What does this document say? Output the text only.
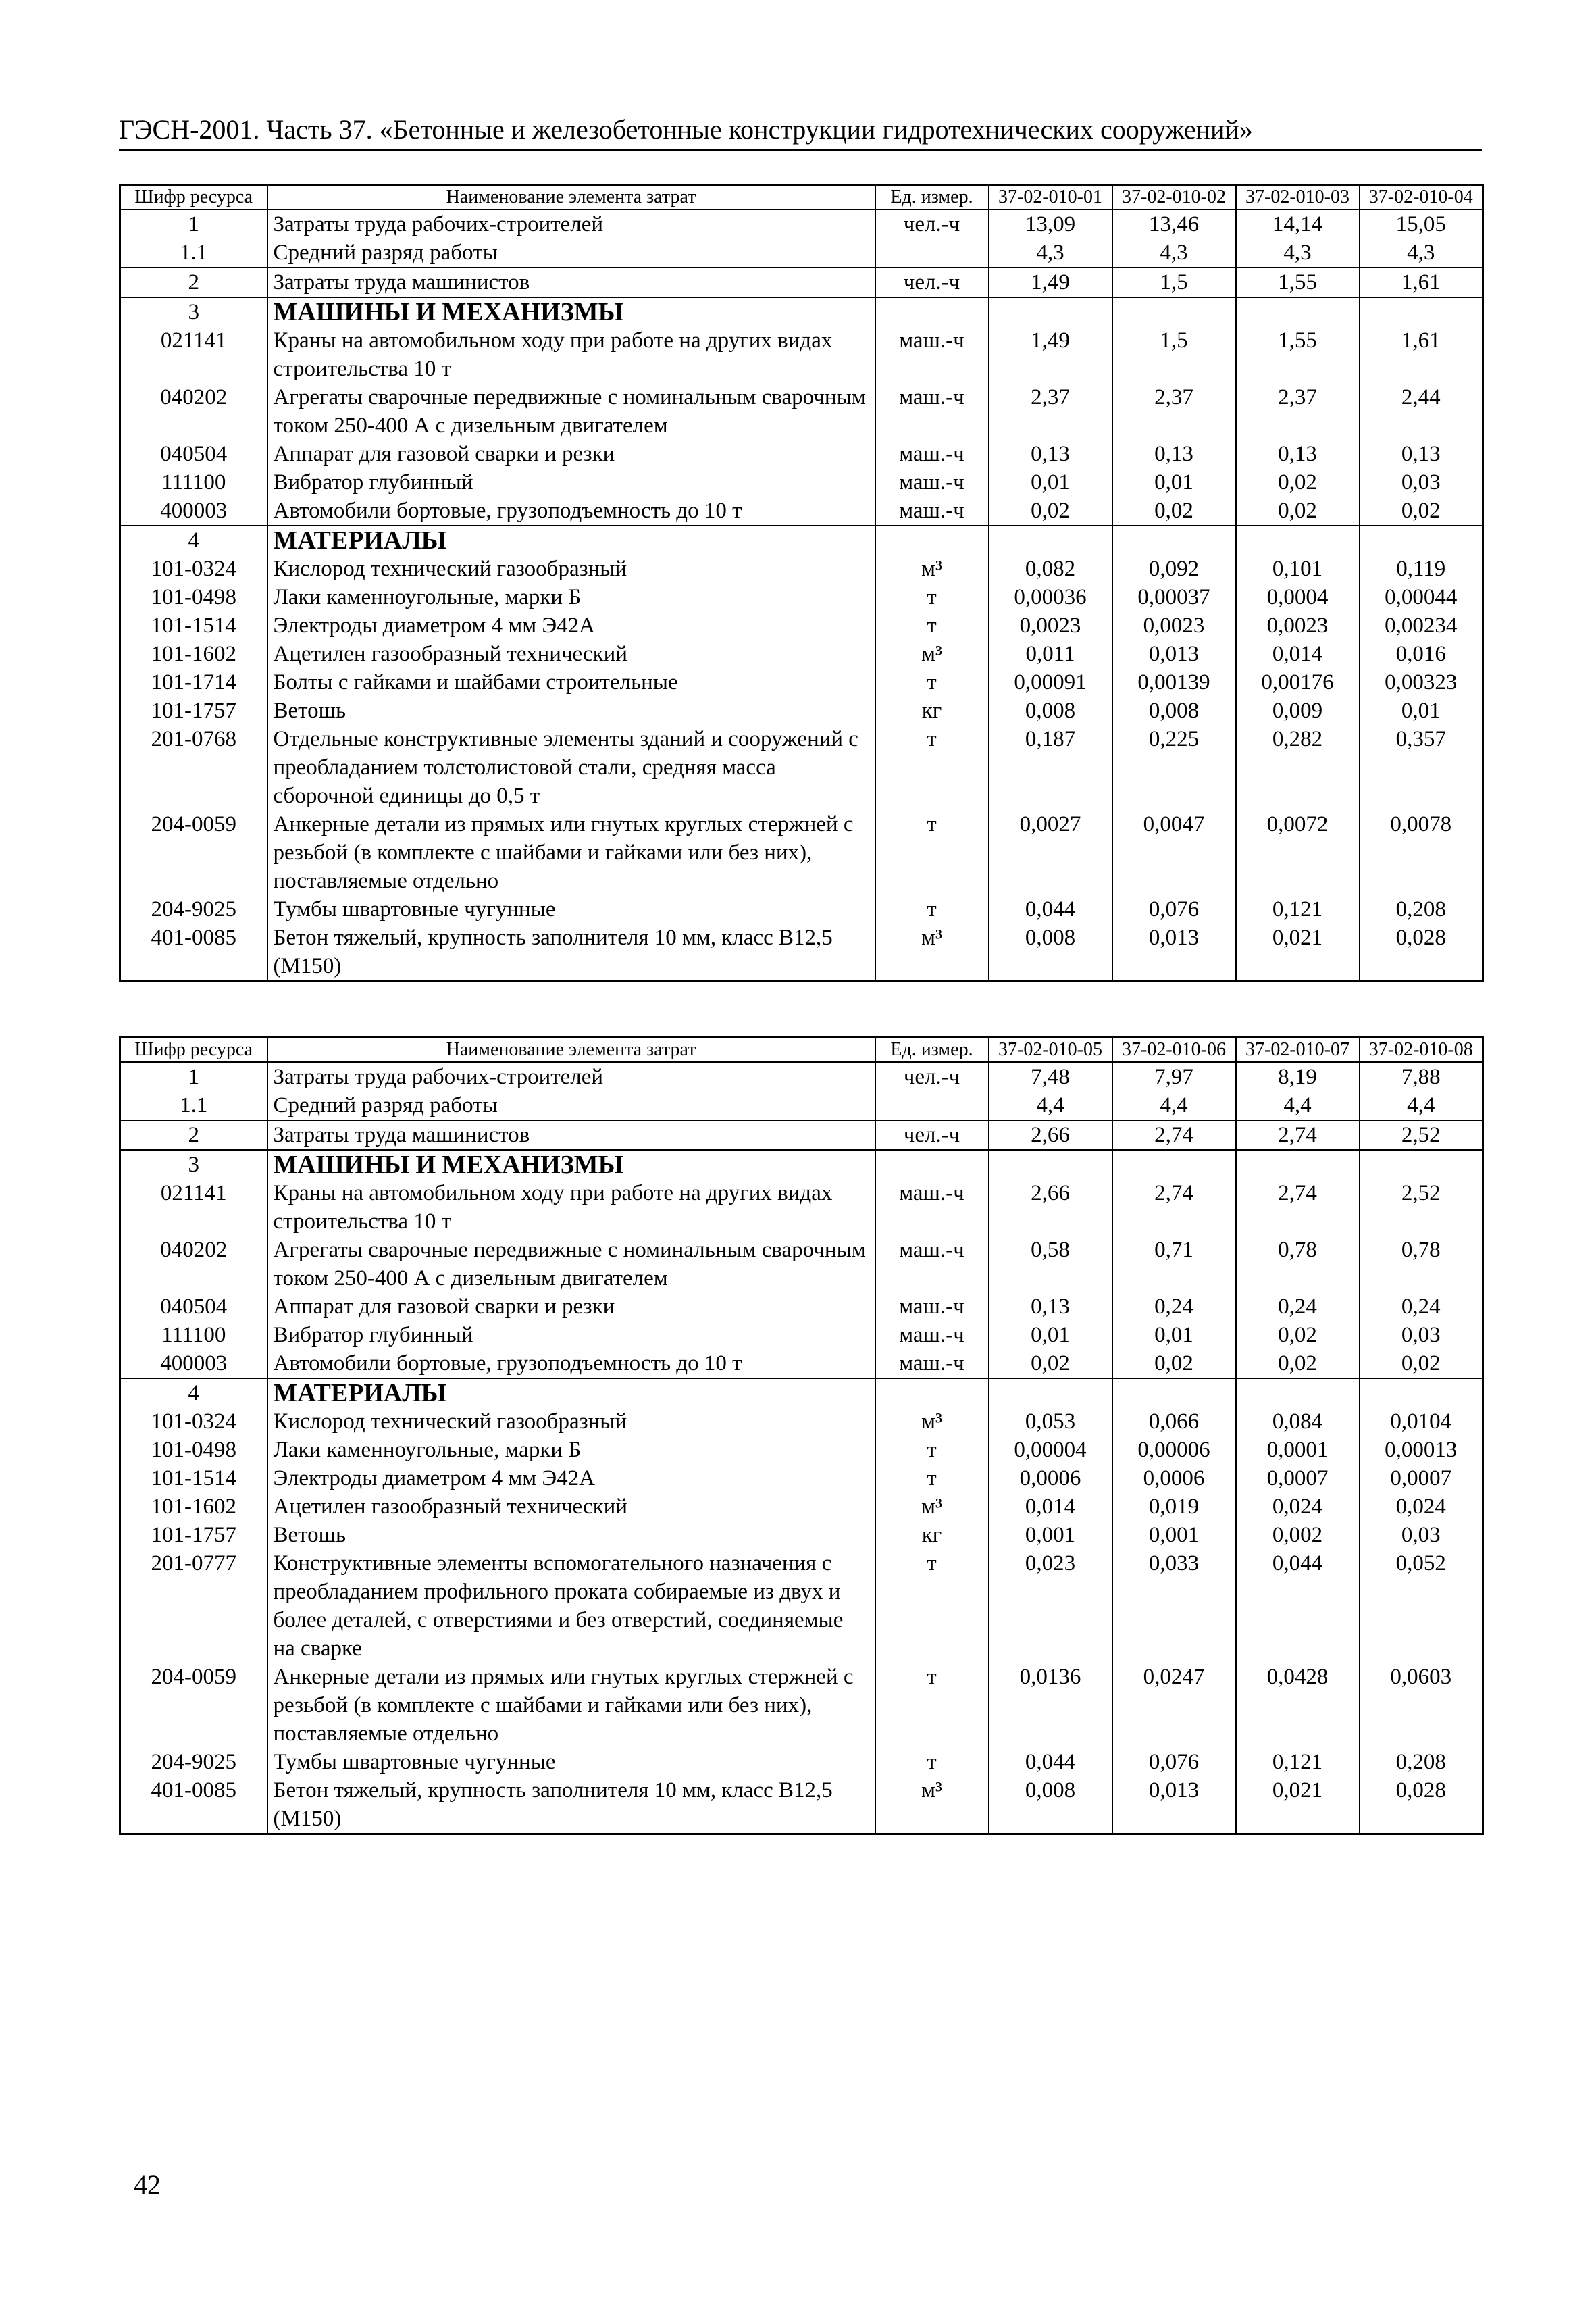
ГЭСН-2001. Часть 37. «Бетонные и железобетонные конструкции гидротехнических сооружений»
Шифр ресурса	Наименование элемента затрат	Ед. измер.	37-02-010-01	37-02-010-02	37-02-010-03	37-02-010-04
1	Затраты труда рабочих-строителей	чел.-ч	13,09	13,46	14,14	15,05
1.1	Средний разряд работы		4,3	4,3	4,3	4,3
2	Затраты труда машинистов	чел.-ч	1,49	1,5	1,55	1,61
3	МАШИНЫ И МЕХАНИЗМЫ					
021141	Краны на автомобильном ходу при работе на других видах строительства 10 т	маш.-ч	1,49	1,5	1,55	1,61
040202	Агрегаты сварочные передвижные с номинальным сварочным током 250-400 А с дизельным двигателем	маш.-ч	2,37	2,37	2,37	2,44
040504	Аппарат для газовой сварки и резки	маш.-ч	0,13	0,13	0,13	0,13
111100	Вибратор глубинный	маш.-ч	0,01	0,01	0,02	0,03
400003	Автомобили бортовые, грузоподъемность до 10 т	маш.-ч	0,02	0,02	0,02	0,02
4	МАТЕРИАЛЫ					
101-0324	Кислород технический газообразный	м³	0,082	0,092	0,101	0,119
101-0498	Лаки каменноугольные, марки Б	т	0,00036	0,00037	0,0004	0,00044
101-1514	Электроды диаметром 4 мм Э42А	т	0,0023	0,0023	0,0023	0,00234
101-1602	Ацетилен газообразный технический	м³	0,011	0,013	0,014	0,016
101-1714	Болты с гайками и шайбами строительные	т	0,00091	0,00139	0,00176	0,00323
101-1757	Ветошь	кг	0,008	0,008	0,009	0,01
201-0768	Отдельные конструктивные элементы зданий и сооружений с преобладанием толстолистовой стали, средняя масса сборочной единицы до 0,5 т	т	0,187	0,225	0,282	0,357
204-0059	Анкерные детали из прямых или гнутых круглых стержней с резьбой (в комплекте с шайбами и гайками или без них), поставляемые отдельно	т	0,0027	0,0047	0,0072	0,0078
204-9025	Тумбы швартовные чугунные	т	0,044	0,076	0,121	0,208
401-0085	Бетон тяжелый, крупность заполнителя 10 мм, класс В12,5 (М150)	м³	0,008	0,013	0,021	0,028
Шифр ресурса	Наименование элемента затрат	Ед. измер.	37-02-010-05	37-02-010-06	37-02-010-07	37-02-010-08
1	Затраты труда рабочих-строителей	чел.-ч	7,48	7,97	8,19	7,88
1.1	Средний разряд работы		4,4	4,4	4,4	4,4
2	Затраты труда машинистов	чел.-ч	2,66	2,74	2,74	2,52
3	МАШИНЫ И МЕХАНИЗМЫ					
021141	Краны на автомобильном ходу при работе на других видах строительства 10 т	маш.-ч	2,66	2,74	2,74	2,52
040202	Агрегаты сварочные передвижные с номинальным сварочным током 250-400 А с дизельным двигателем	маш.-ч	0,58	0,71	0,78	0,78
040504	Аппарат для газовой сварки и резки	маш.-ч	0,13	0,24	0,24	0,24
111100	Вибратор глубинный	маш.-ч	0,01	0,01	0,02	0,03
400003	Автомобили бортовые, грузоподъемность до 10 т	маш.-ч	0,02	0,02	0,02	0,02
4	МАТЕРИАЛЫ					
101-0324	Кислород технический газообразный	м³	0,053	0,066	0,084	0,0104
101-0498	Лаки каменноугольные, марки Б	т	0,00004	0,00006	0,0001	0,00013
101-1514	Электроды диаметром 4 мм Э42А	т	0,0006	0,0006	0,0007	0,0007
101-1602	Ацетилен газообразный технический	м³	0,014	0,019	0,024	0,024
101-1757	Ветошь	кг	0,001	0,001	0,002	0,03
201-0777	Конструктивные элементы вспомогательного назначения с преобладанием профильного проката собираемые из двух и более деталей, с отверстиями и без отверстий, соединяемые на сварке	т	0,023	0,033	0,044	0,052
204-0059	Анкерные детали из прямых или гнутых круглых стержней с резьбой (в комплекте с шайбами и гайками или без них), поставляемые отдельно	т	0,0136	0,0247	0,0428	0,0603
204-9025	Тумбы швартовные чугунные	т	0,044	0,076	0,121	0,208
401-0085	Бетон тяжелый, крупность заполнителя 10 мм, класс В12,5 (М150)	м³	0,008	0,013	0,021	0,028
42
